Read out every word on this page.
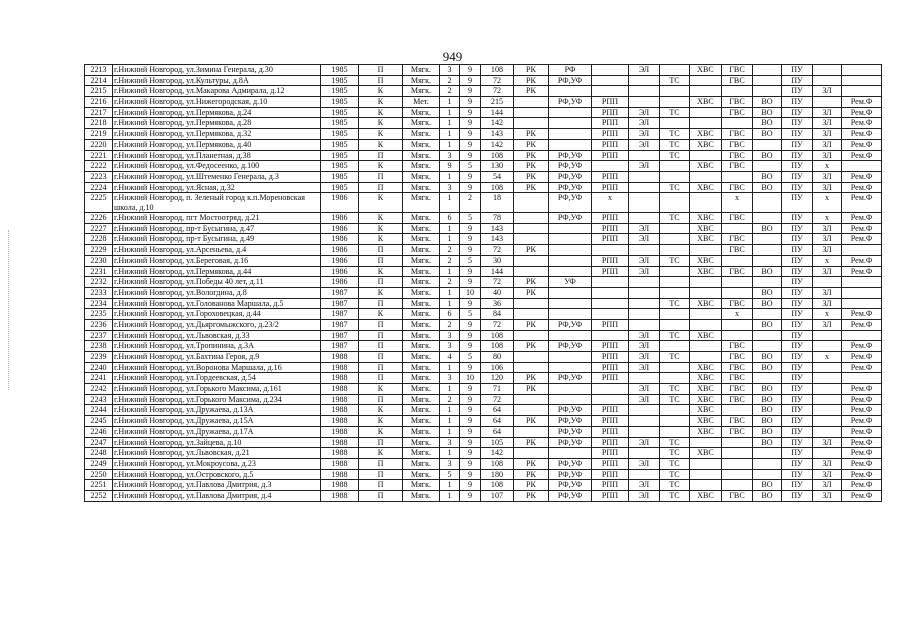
949
2213	г.Нижний Новгород, ул.Зимина Генерала, д.30	1985	П	Мягк.	3	9	108	РК	РФ		ЭЛ		ХВС	ГВС		ПУ		
2214	г.Нижний Новгород, ул.Культуры, д.8А	1985	П	Мягк.	2	9	72	РК	РФ,УФ			ТС		ГВС		ПУ		
2215	г.Нижний Новгород, ул.Макарова Адмирала, д.12	1985	К	Мягк.	2	9	72	РК								ПУ	ЗЛ	
2216	г.Нижний Новгород, ул.Нижегородская, д.10	1985	К	Мет.	1	9	215		РФ,УФ	РПП			ХВС	ГВС	ВО	ПУ		Рем.Ф
2217	г.Нижний Новгород, ул.Пермякова, д.24	1985	К	Мягк.	1	9	144			РПП	ЭЛ	ТС		ГВС	ВО	ПУ	ЗЛ	Рем.Ф
2218	г.Нижний Новгород, ул.Пермякова, д.28	1985	К	Мягк.	1	9	142			РПП	ЭЛ				ВО	ПУ	ЗЛ	Рем.Ф
2219	г.Нижний Новгород, ул.Пермякова, д.32	1985	К	Мягк.	1	9	143	РК		РПП	ЭЛ	ТС	ХВС	ГВС	ВО	ПУ	ЗЛ	Рем.Ф
2220	г.Нижний Новгород, ул.Пермякова, д.40	1985	К	Мягк.	1	9	142	РК		РПП	ЭЛ	ТС	ХВС	ГВС		ПУ	ЗЛ	Рем.Ф
2221	г.Нижний Новгород, ул.Планетная, д.38	1985	П	Мягк.	3	9	108	РК	РФ,УФ	РПП		ТС		ГВС	ВО	ПУ	ЗЛ	Рем.Ф
2222	г.Нижний Новгород, ул.Федосеенко, д.100	1985	К	Мягк.	9	5	130	РК	РФ,УФ		ЭЛ		ХВС	ГВС		ПУ	х	
2223	г.Нижний Новгород, ул.Штеменко Генерала, д.3	1985	П	Мягк.	1	9	54	РК	РФ,УФ	РПП					ВО	ПУ	ЗЛ	Рем.Ф
2224	г.Нижний Новгород, ул.Ясная, д.32	1985	П	Мягк.	3	9	108	РК	РФ,УФ	РПП		ТС	ХВС	ГВС	ВО	ПУ	ЗЛ	Рем.Ф
2225	г.Нижний Новгород, п. Зеленый город к.п.Мореновская школа, д.10	1986	К	Мягк.	1	2	18		РФ,УФ	х				х		ПУ	х	Рем.Ф
2226	г.Нижний Новгород, пгт Мостоотряд, д.21	1986	К	Мягк.	6	5	78		РФ,УФ	РПП		ТС	ХВС	ГВС		ПУ	х	Рем.Ф
2227	г.Нижний Новгород, пр-т Бусыгина, д.47	1986	К	Мягк.	1	9	143			РПП	ЭЛ		ХВС		ВО	ПУ	ЗЛ	Рем.Ф
2228	г.Нижний Новгород, пр-т Бусыгина, д.49	1986	К	Мягк.	1	9	143			РПП	ЭЛ		ХВС	ГВС		ПУ	ЗЛ	Рем.Ф
2229	г.Нижний Новгород, ул.Арсеньева, д.4	1986	П	Мягк.	2	9	72	РК						ГВС		ПУ	ЗЛ	
2230	г.Нижний Новгород, ул.Береговая, д.16	1986	П	Мягк.	2	5	30			РПП	ЭЛ	ТС	ХВС			ПУ	х	Рем.Ф
2231	г.Нижний Новгород, ул.Пермякова, д.44	1986	К	Мягк.	1	9	144			РПП	ЭЛ		ХВС	ГВС	ВО	ПУ	ЗЛ	Рем.Ф
2232	г.Нижний Новгород, ул.Победы 40 лет, д.11	1986	П	Мягк.	2	9	72	РК	УФ							ПУ		
2233	г.Нижний Новгород, ул.Вологдина, д.8	1987	К	Мягк.	1	10	40	РК							ВО	ПУ	ЗЛ	
2234	г.Нижний Новгород, ул.Голованова Маршала, д.5	1987	П	Мягк.	1	9	36					ТС	ХВС	ГВС	ВО	ПУ	ЗЛ	
2235	г.Нижний Новгород, ул.Гороховецкая, д.44	1987	К	Мягк.	6	5	84							х		ПУ	х	Рем.Ф
2236	г.Нижний Новгород, ул.Дьяргомыжского, д.23/2	1987	П	Мягк.	2	9	72	РК	РФ,УФ	РПП					ВО	ПУ	ЗЛ	Рем.Ф
2237	г.Нижний Новгород, ул.Львовская, д.33	1987	П	Мягк.	3	9	108				ЭЛ	ТС	ХВС			ПУ		
2238	г.Нижний Новгород, ул.Тропинина, д.3А	1987	П	Мягк.	3	9	108	РК	РФ,УФ	РПП	ЭЛ			ГВС		ПУ		Рем.Ф
2239	г.Нижний Новгород, ул.Бахтина Героя, д.9	1988	П	Мягк.	4	5	80			РПП	ЭЛ	ТС		ГВС	ВО	ПУ	х	Рем.Ф
2240	г.Нижний Новгород, ул.Воронова Маршала, д.16	1988	П	Мягк.	1	9	106			РПП	ЭЛ		ХВС	ГВС	ВО	ПУ		Рем.Ф
2241	г.Нижний Новгород, ул.Гордеевская, д.54	1988	П	Мягк.	3	10	120	РК	РФ,УФ	РПП			ХВС	ГВС		ПУ		
2242	г.Нижний Новгород, ул.Горького Максима, д.161	1988	К	Мягк.	1	9	71	РК			ЭЛ	ТС	ХВС	ГВС	ВО	ПУ		Рем.Ф
2243	г.Нижний Новгород, ул.Горького Максима, д.234	1988	П	Мягк.	2	9	72				ЭЛ	ТС	ХВС	ГВС	ВО	ПУ		Рем.Ф
2244	г.Нижний Новгород, ул.Дружаева, д.13А	1988	К	Мягк.	1	9	64		РФ,УФ	РПП			ХВС		ВО	ПУ		Рем.Ф
2245	г.Нижний Новгород, ул.Дружаева, д.15А	1988	К	Мягк.	1	9	64	РК	РФ,УФ	РПП			ХВС	ГВС	ВО	ПУ		Рем.Ф
2246	г.Нижний Новгород, ул.Дружаева, д.17А	1988	К	Мягк.	1	9	64		РФ,УФ	РПП			ХВС	ГВС	ВО	ПУ		Рем.Ф
2247	г.Нижний Новгород, ул.Зайцева, д.10	1988	П	Мягк.	3	9	105	РК	РФ,УФ	РПП	ЭЛ	ТС			ВО	ПУ	ЗЛ	Рем.Ф
2248	г.Нижний Новгород, ул.Львовская, д.21	1988	К	Мягк.	1	9	142			РПП		ТС	ХВС			ПУ		Рем.Ф
2249	г.Нижний Новгород, ул.Мокроусова, д.23	1988	П	Мягк.	3	9	108	РК	РФ,УФ	РПП	ЭЛ	ТС				ПУ	ЗЛ	Рем.Ф
2250	г.Нижний Новгород, ул.Островского, д.5	1988	П	Мягк.	5	9	180	РК	РФ,УФ	РПП		ТС				ПУ	ЗЛ	Рем.Ф
2251	г.Нижний Новгород, ул.Павлова Дмитрия, д.3	1988	П	Мягк.	1	9	108	РК	РФ,УФ	РПП	ЭЛ	ТС			ВО	ПУ	ЗЛ	Рем.Ф
2252	г.Нижний Новгород, ул.Павлова Дмитрия, д.4	1988	П	Мягк.	1	9	107	РК	РФ,УФ	РПП	ЭЛ	ТС	ХВС	ГВС	ВО	ПУ	ЗЛ	Рем.Ф
